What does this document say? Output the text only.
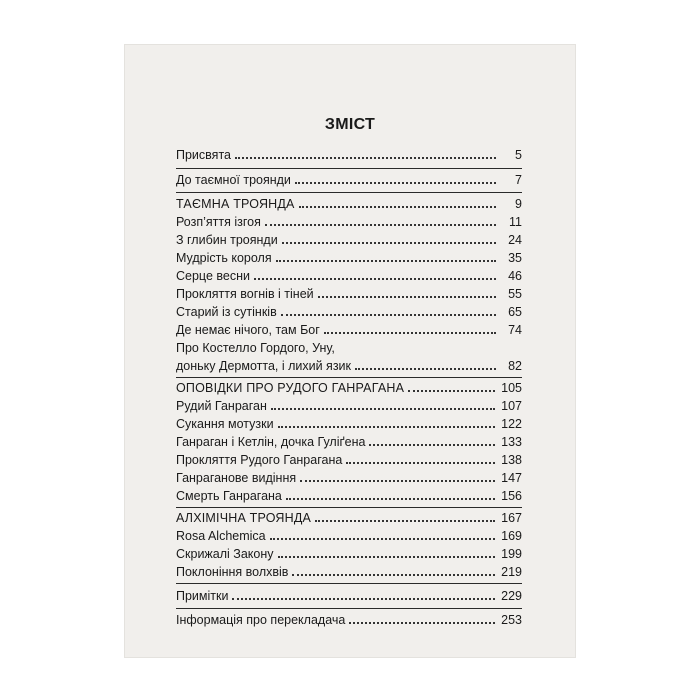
ЗМІСТ
Присвята	5
До таємної троянди	7
ТАЄМНА ТРОЯНДА	9
Розп’яття ізгоя	11
З глибин троянди	24
Мудрість короля	35
Серце весни	46
Прокляття вогнів і тіней	55
Старий із сутінків	65
Де немає нічого, там Бог	74
Про Костелло Гордого, Уну,
доньку Дермотта, і лихий язик	82
ОПОВІДКИ ПРО РУДОГО ГАНРАГАНА	105
Рудий Ганраган	107
Сукання мотузки	122
Ганраган і Кетлін, дочка Гуліґена	133
Прокляття Рудого Ганрагана	138
Ганраганове видіння	147
Смерть Ганрагана	156
АЛХІМІЧНА ТРОЯНДА	167
Rosa Alchemica	169
Скрижалі Закону	199
Поклоніння волхвів	219
Примітки	229
Інформація про перекладача	253
